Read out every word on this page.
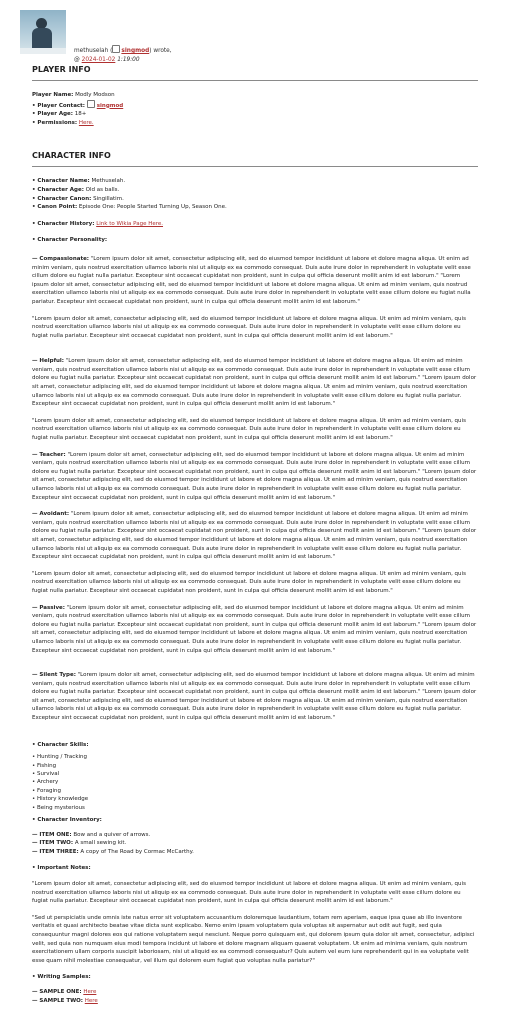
methuselah ( singmod) wrote,
@ 2024-01-02 1:19:00
PLAYER INFO
Player Name: Modly Modson
• Player Contact: singmod
• Player Age: 18+
• Permissions: Here.
CHARACTER INFO
• Character Name: Methuselah.
• Character Age: Old as balls.
• Character Canon: Singillatim.
• Canon Point: Episode One: People Started Turning Up, Season One.
• Character History: Link to Wikia Page Here.
• Character Personality:

— Compassionate: "Lorem ipsum dolor sit amet, consectetur adipiscing elit, sed do eiusmod tempor incididunt ut labore et dolore magna aliqua. Ut enim ad minim veniam, quis nostrud exercitation ullamco laboris nisi ut aliquip ex ea commodo consequat. Duis aute irure dolor in reprehenderit in voluptate velit esse cillum dolore eu fugiat nulla pariatur. Excepteur sint occaecat cupidatat non proident, sunt in culpa qui officia deserunt mollit anim id est laborum." "Lorem ipsum dolor sit amet, consectetur adipiscing elit, sed do eiusmod tempor incididunt ut labore et dolore magna aliqua. Ut enim ad minim veniam, quis nostrud exercitation ullamco laboris nisi ut aliquip ex ea commodo consequat. Duis aute irure dolor in reprehenderit in voluptate velit esse cillum dolore eu fugiat nulla pariatur. Excepteur sint occaecat cupidatat non proident, sunt in culpa qui officia deserunt mollit anim id est laborum."

"Lorem ipsum dolor sit amet, consectetur adipiscing elit, sed do eiusmod tempor incididunt ut labore et dolore magna aliqua. Ut enim ad minim veniam, quis nostrud exercitation ullamco laboris nisi ut aliquip ex ea commodo consequat. Duis aute irure dolor in reprehenderit in voluptate velit esse cillum dolore eu fugiat nulla pariatur. Excepteur sint occaecat cupidatat non proident, sunt in culpa qui officia deserunt mollit anim id est laborum."

— Helpful: "Lorem ipsum dolor sit amet, consectetur adipiscing elit, sed do eiusmod tempor incididunt ut labore et dolore magna aliqua. Ut enim ad minim veniam, quis nostrud exercitation ullamco laboris nisi ut aliquip ex ea commodo consequat. Duis aute irure dolor in reprehenderit in voluptate velit esse cillum dolore eu fugiat nulla pariatur. Excepteur sint occaecat cupidatat non proident, sunt in culpa qui officia deserunt mollit anim id est laborum." "Lorem ipsum dolor sit amet, consectetur adipiscing elit, sed do eiusmod tempor incididunt ut labore et dolore magna aliqua. Ut enim ad minim veniam, quis nostrud exercitation ullamco laboris nisi ut aliquip ex ea commodo consequat. Duis aute irure dolor in reprehenderit in voluptate velit esse cillum dolore eu fugiat nulla pariatur. Excepteur sint occaecat cupidatat non proident, sunt in culpa qui officia deserunt mollit anim id est laborum."

"Lorem ipsum dolor sit amet, consectetur adipiscing elit, sed do eiusmod tempor incididunt ut labore et dolore magna aliqua. Ut enim ad minim veniam, quis nostrud exercitation ullamco laboris nisi ut aliquip ex ea commodo consequat. Duis aute irure dolor in reprehenderit in voluptate velit esse cillum dolore eu fugiat nulla pariatur. Excepteur sint occaecat cupidatat non proident, sunt in culpa qui officia deserunt mollit anim id est laborum."

— Teacher: "Lorem ipsum dolor sit amet, consectetur adipiscing elit, sed do eiusmod tempor incididunt ut labore et dolore magna aliqua. Ut enim ad minim veniam, quis nostrud exercitation ullamco laboris nisi ut aliquip ex ea commodo consequat. Duis aute irure dolor in reprehenderit in voluptate velit esse cillum dolore eu fugiat nulla pariatur. Excepteur sint occaecat cupidatat non proident, sunt in culpa qui officia deserunt mollit anim id est laborum." "Lorem ipsum dolor sit amet, consectetur adipiscing elit, sed do eiusmod tempor incididunt ut labore et dolore magna aliqua. Ut enim ad minim veniam, quis nostrud exercitation ullamco laboris nisi ut aliquip ex ea commodo consequat. Duis aute irure dolor in reprehenderit in voluptate velit esse cillum dolore eu fugiat nulla pariatur. Excepteur sint occaecat cupidatat non proident, sunt in culpa qui officia deserunt mollit anim id est laborum."

— Avoidant: "Lorem ipsum dolor sit amet, consectetur adipiscing elit, sed do eiusmod tempor incididunt ut labore et dolore magna aliqua. Ut enim ad minim veniam, quis nostrud exercitation ullamco laboris nisi ut aliquip ex ea commodo consequat. Duis aute irure dolor in reprehenderit in voluptate velit esse cillum dolore eu fugiat nulla pariatur. Excepteur sint occaecat cupidatat non proident, sunt in culpa qui officia deserunt mollit anim id est laborum." "Lorem ipsum dolor sit amet, consectetur adipiscing elit, sed do eiusmod tempor incididunt ut labore et dolore magna aliqua. Ut enim ad minim veniam, quis nostrud exercitation ullamco laboris nisi ut aliquip ex ea commodo consequat. Duis aute irure dolor in reprehenderit in voluptate velit esse cillum dolore eu fugiat nulla pariatur. Excepteur sint occaecat cupidatat non proident, sunt in culpa qui officia deserunt mollit anim id est laborum."

"Lorem ipsum dolor sit amet, consectetur adipiscing elit, sed do eiusmod tempor incididunt ut labore et dolore magna aliqua. Ut enim ad minim veniam, quis nostrud exercitation ullamco laboris nisi ut aliquip ex ea commodo consequat. Duis aute irure dolor in reprehenderit in voluptate velit esse cillum dolore eu fugiat nulla pariatur. Excepteur sint occaecat cupidatat non proident, sunt in culpa qui officia deserunt mollit anim id est laborum."

— Passive: "Lorem ipsum dolor sit amet, consectetur adipiscing elit, sed do eiusmod tempor incididunt ut labore et dolore magna aliqua. Ut enim ad minim veniam, quis nostrud exercitation ullamco laboris nisi ut aliquip ex ea commodo consequat. Duis aute irure dolor in reprehenderit in voluptate velit esse cillum dolore eu fugiat nulla pariatur. Excepteur sint occaecat cupidatat non proident, sunt in culpa qui officia deserunt mollit anim id est laborum." "Lorem ipsum dolor sit amet, consectetur adipiscing elit, sed do eiusmod tempor incididunt ut labore et dolore magna aliqua. Ut enim ad minim veniam, quis nostrud exercitation ullamco laboris nisi ut aliquip ex ea commodo consequat. Duis aute irure dolor in reprehenderit in voluptate velit esse cillum dolore eu fugiat nulla pariatur. Excepteur sint occaecat cupidatat non proident, sunt in culpa qui officia deserunt mollit anim id est laborum."

— Silent Type: "Lorem ipsum dolor sit amet, consectetur adipiscing elit, sed do eiusmod tempor incididunt ut labore et dolore magna aliqua. Ut enim ad minim veniam, quis nostrud exercitation ullamco laboris nisi ut aliquip ex ea commodo consequat. Duis aute irure dolor in reprehenderit in voluptate velit esse cillum dolore eu fugiat nulla pariatur. Excepteur sint occaecat cupidatat non proident, sunt in culpa qui officia deserunt mollit anim id est laborum." "Lorem ipsum dolor sit amet, consectetur adipiscing elit, sed do eiusmod tempor incididunt ut labore et dolore magna aliqua. Ut enim ad minim veniam, quis nostrud exercitation ullamco laboris nisi ut aliquip ex ea commodo consequat. Duis aute irure dolor in reprehenderit in voluptate velit esse cillum dolore eu fugiat nulla pariatur. Excepteur sint occaecat cupidatat non proident, sunt in culpa qui officia deserunt mollit anim id est laborum."

• Character Skills:
• Hunting / Tracking
• Fishing
• Survival
• Archery
• Foraging
• History knowledge
• Being mysterious
• Character Inventory:
— ITEM ONE: Bow and a quiver of arrows.
— ITEM TWO: A small sewing kit.
— ITEM THREE: A copy of The Road by Cormac McCarthy.
• Important Notes:

"Lorem ipsum dolor sit amet, consectetur adipiscing elit, sed do eiusmod tempor incididunt ut labore et dolore magna aliqua. Ut enim ad minim veniam, quis nostrud exercitation ullamco laboris nisi ut aliquip ex ea commodo consequat. Duis aute irure dolor in reprehenderit in voluptate velit esse cillum dolore eu fugiat nulla pariatur. Excepteur sint occaecat cupidatat non proident, sunt in culpa qui officia deserunt mollit anim id est laborum."

"Sed ut perspiciatis unde omnis iste natus error sit voluptatem accusantium doloremque laudantium, totam rem aperiam, eaque ipsa quae ab illo inventore veritatis et quasi architecto beatae vitae dicta sunt explicabo. Nemo enim ipsam voluptatem quia voluptas sit aspernatur aut odit aut fugit, sed quia consequuntur magni dolores eos qui ratione voluptatem sequi nesciunt. Neque porro quisquam est, qui dolorem ipsum quia dolor sit amet, consectetur, adipisci velit, sed quia non numquam eius modi tempora incidunt ut labore et dolore magnam aliquam quaerat voluptatem. Ut enim ad minima veniam, quis nostrum exercitationem ullam corporis suscipit laboriosam, nisi ut aliquid ex ea commodi consequatur? Quis autem vel eum iure reprehenderit qui in ea voluptate velit esse quam nihil molestiae consequatur, vel illum qui dolorem eum fugiat quo voluptas nulla pariatur?"

• Writing Samples:
— SAMPLE ONE: Here
— SAMPLE TWO: Here
